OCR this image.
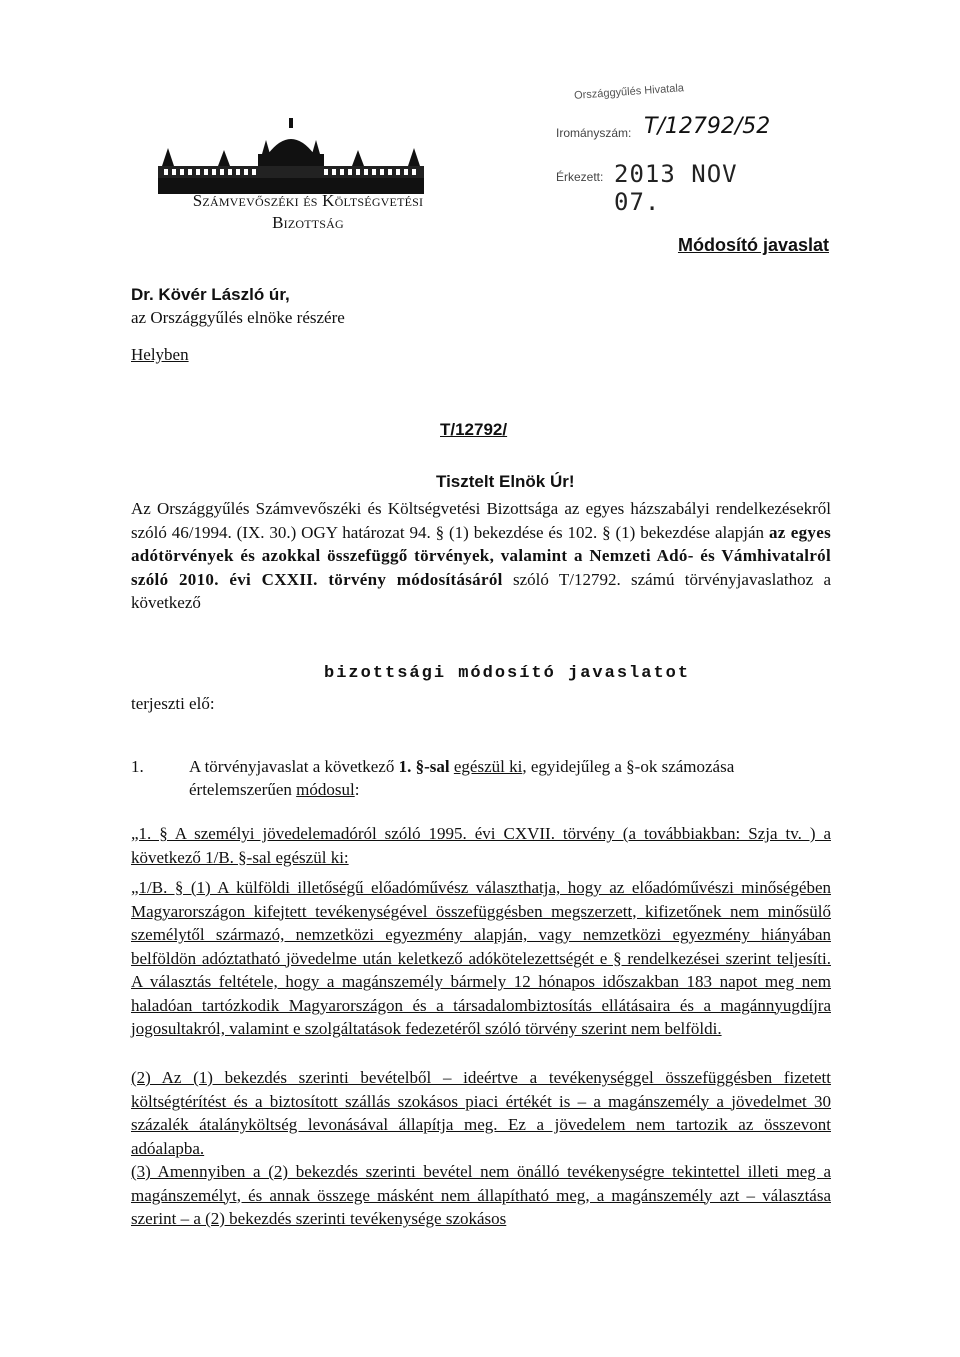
Számvevőszéki és Költségvetési
Bizottság
Országgyűlés Hivatala
Irományszám: T/12792/52
Érkezett: 2013 NOV 07.
Módosító javaslat
Dr. Kövér László úr,
az Országgyűlés elnöke részére
Helyben
T/12792/
Tisztelt Elnök Úr!
Az Országgyűlés Számvevőszéki és Költségvetési Bizottsága az egyes házszabályi rendelkezésekről szóló 46/1994. (IX. 30.) OGY határozat 94. § (1) bekezdése és 102. § (1) bekezdése alapján az egyes adótörvények és azokkal összefüggő törvények, valamint a Nemzeti Adó- és Vámhivatalról szóló 2010. évi CXXII. törvény módosításáról szóló T/12792. számú törvényjavaslathoz a következő
bizottsági módosító javaslatot
terjeszti elő:
1.	A törvényjavaslat a következő 1. §-sal egészül ki, egyidejűleg a §-ok számozása értelemszerűen módosul:
„1. § A személyi jövedelemadóról szóló 1995. évi CXVII. törvény (a továbbiakban: Szja tv. ) a következő 1/B. §-sal egészül ki:
„1/B. § (1) A külföldi illetőségű előadóművész választhatja, hogy az előadóművészi minőségében Magyarországon kifejtett tevékenységével összefüggésben megszerzett, kifizetőnek nem minősülő személytől származó, nemzetközi egyezmény alapján, vagy nemzetközi egyezmény hiányában belföldön adóztatható jövedelme után keletkező adókötelezettségét e § rendelkezései szerint teljesíti. A választás feltétele, hogy a magánszemély bármely 12 hónapos időszakban 183 napot meg nem haladóan tartózkodik Magyarországon és a társadalombiztosítás ellátásaira és a magánnyugdíjra jogosultakról, valamint e szolgáltatások fedezetéről szóló törvény szerint nem belföldi.
(2) Az (1) bekezdés szerinti bevételből – ideértve a tevékenységgel összefüggésben fizetett költségtérítést és a biztosított szállás szokásos piaci értékét is – a magánszemély a jövedelmet 30 százalék átalányköltség levonásával állapítja meg. Ez a jövedelem nem tartozik az összevont adóalapba.
(3) Amennyiben a (2) bekezdés szerinti bevétel nem önálló tevékenységre tekintettel illeti meg a magánszemélyt, és annak összege másként nem állapítható meg, a magánszemély azt – választása szerint – a (2) bekezdés szerinti tevékenysége szokásos
